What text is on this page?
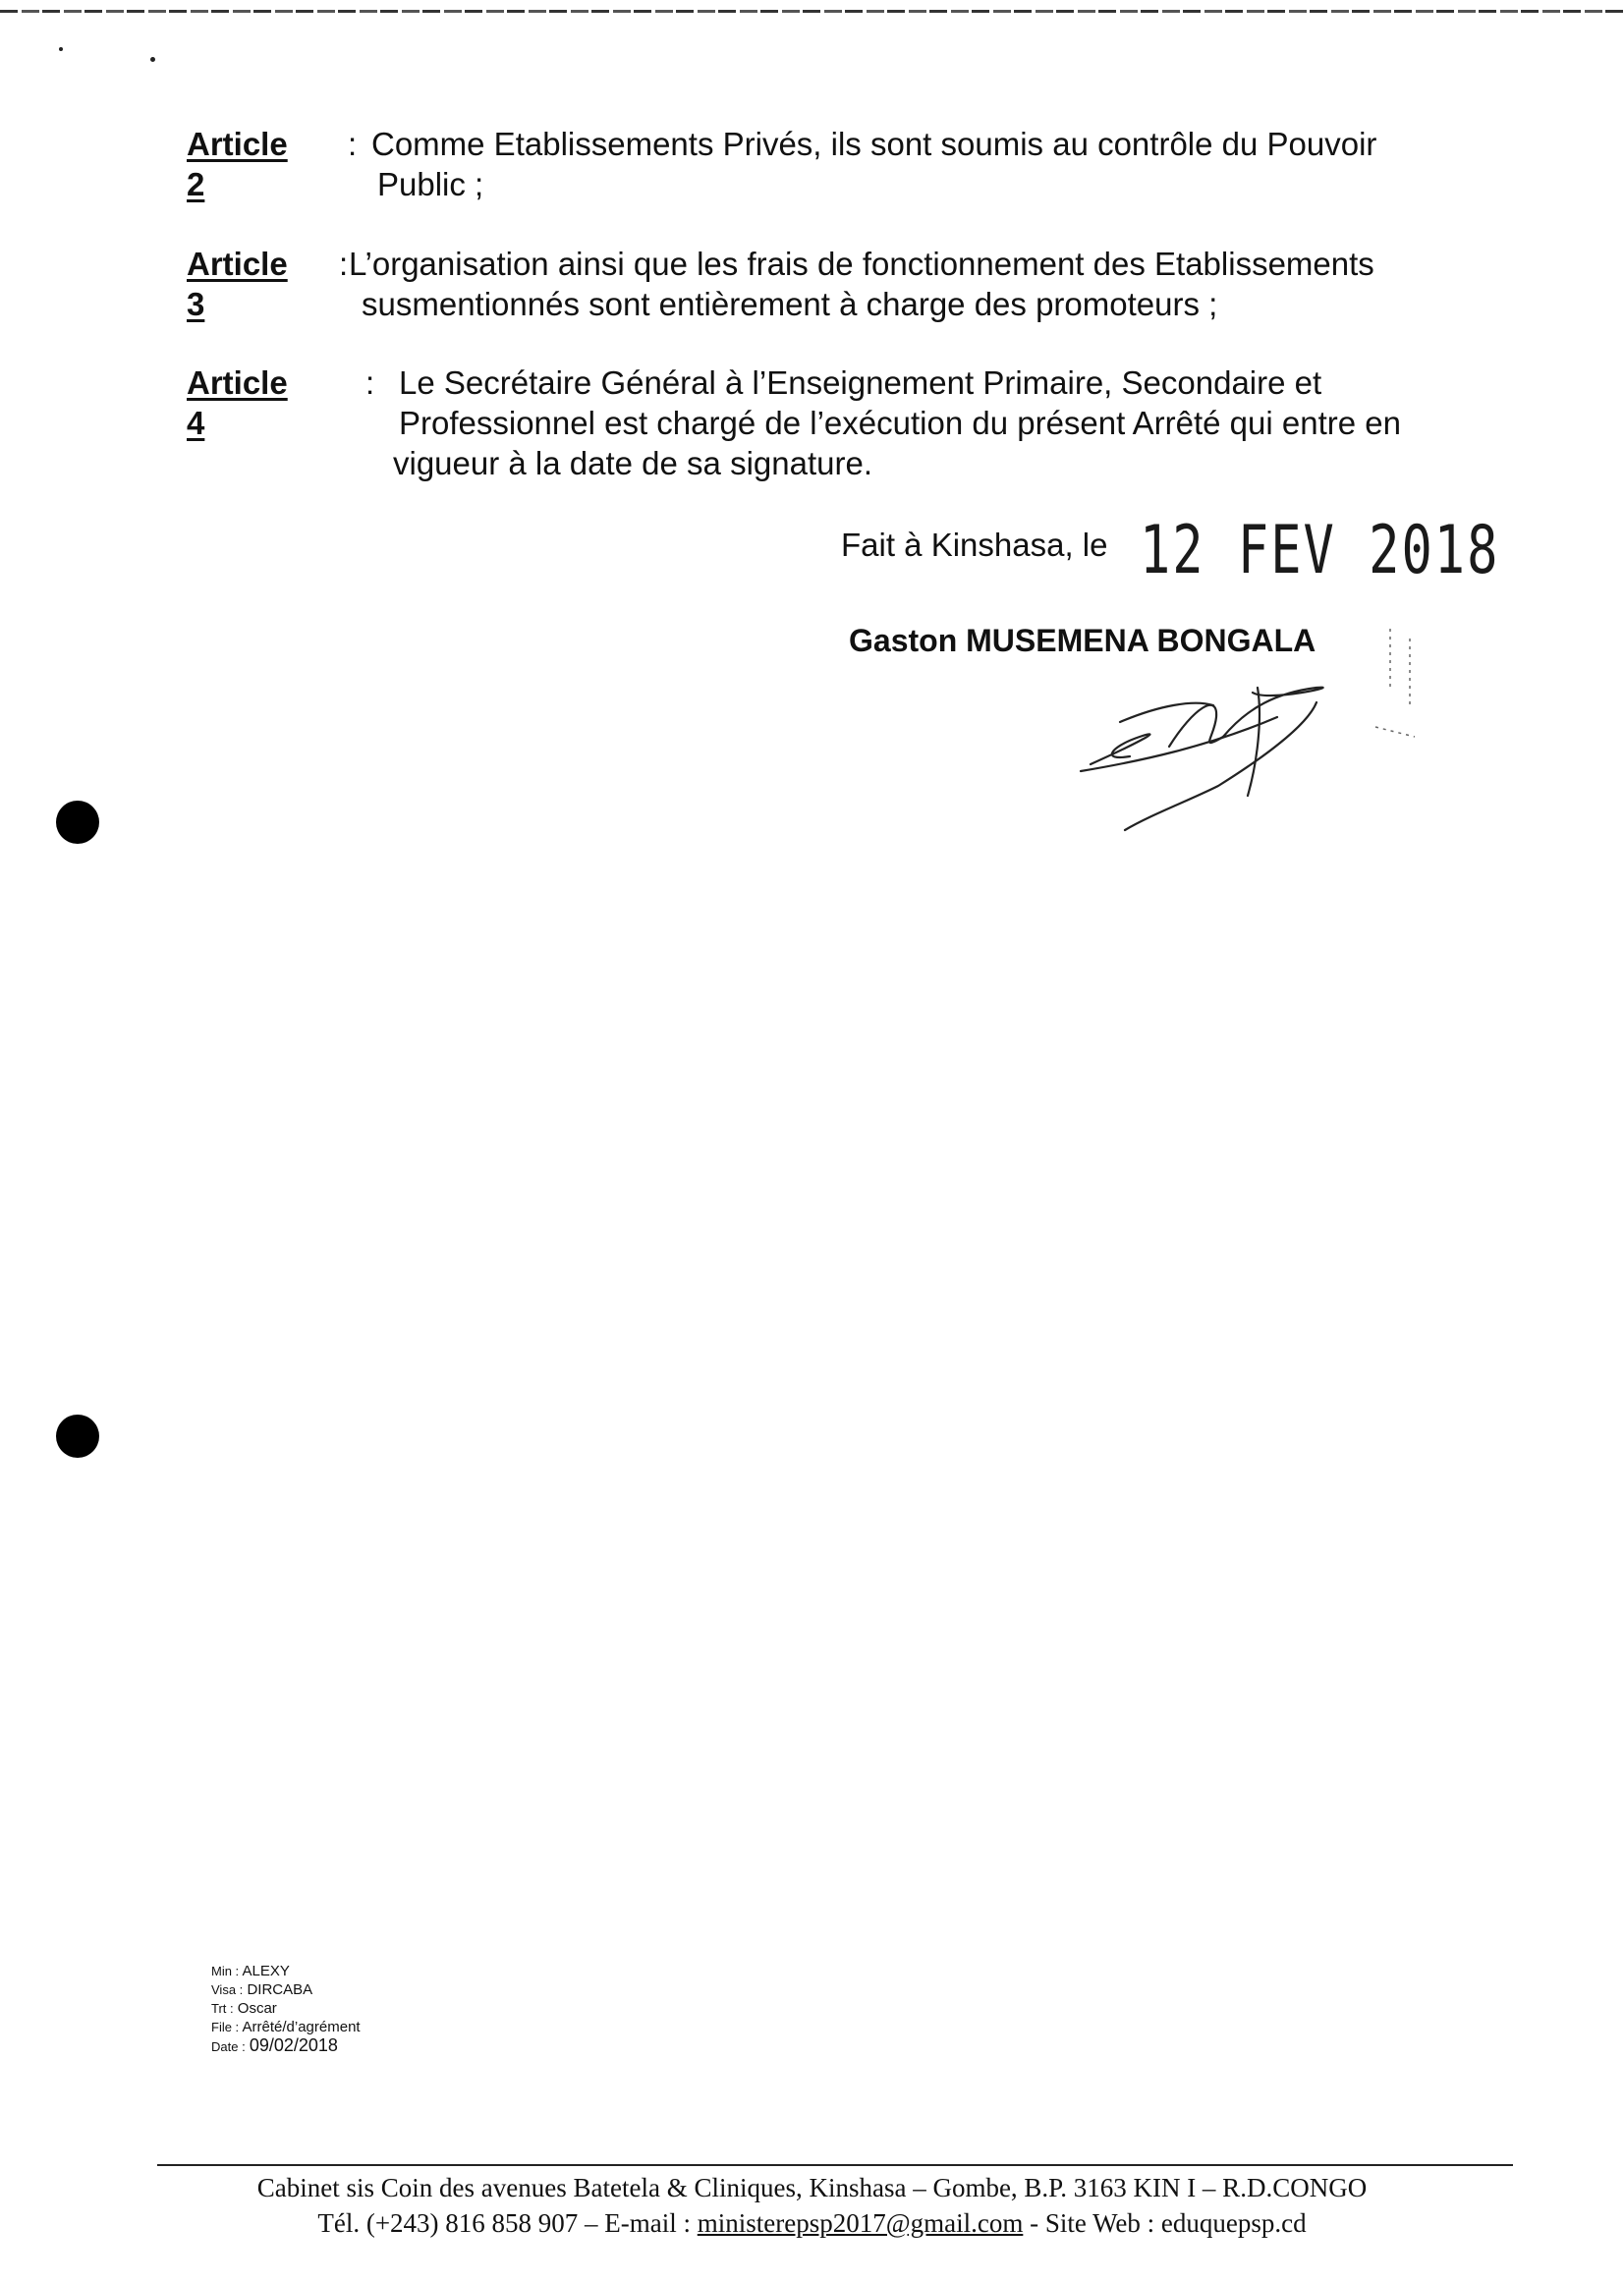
Article 2
: Comme Etablissements Privés, ils sont soumis au contrôle du Pouvoir
Public ;
Article 3
: L’organisation ainsi que les frais de fonctionnement des Etablissements
susmentionnés sont entièrement à charge des promoteurs ;
Article 4
: Le Secrétaire Général à l’Enseignement Primaire, Secondaire et
Professionnel est chargé de l’exécution du présent Arrêté qui entre en
vigueur à la date de sa signature.
Fait à Kinshasa, le 12 FEV 2018
Gaston MUSEMENA BONGALA
Min : ALEXY
Visa : DIRCABA
Trt : Oscar
File : Arrêté/d’agrément
Date : 09/02/2018
Cabinet sis Coin des avenues Batetela & Cliniques, Kinshasa – Gombe, B.P. 3163 KIN I – R.D.CONGO
Tél. (+243) 816 858 907 – E-mail : ministerepsp2017@gmail.com - Site Web : eduquepsp.cd
